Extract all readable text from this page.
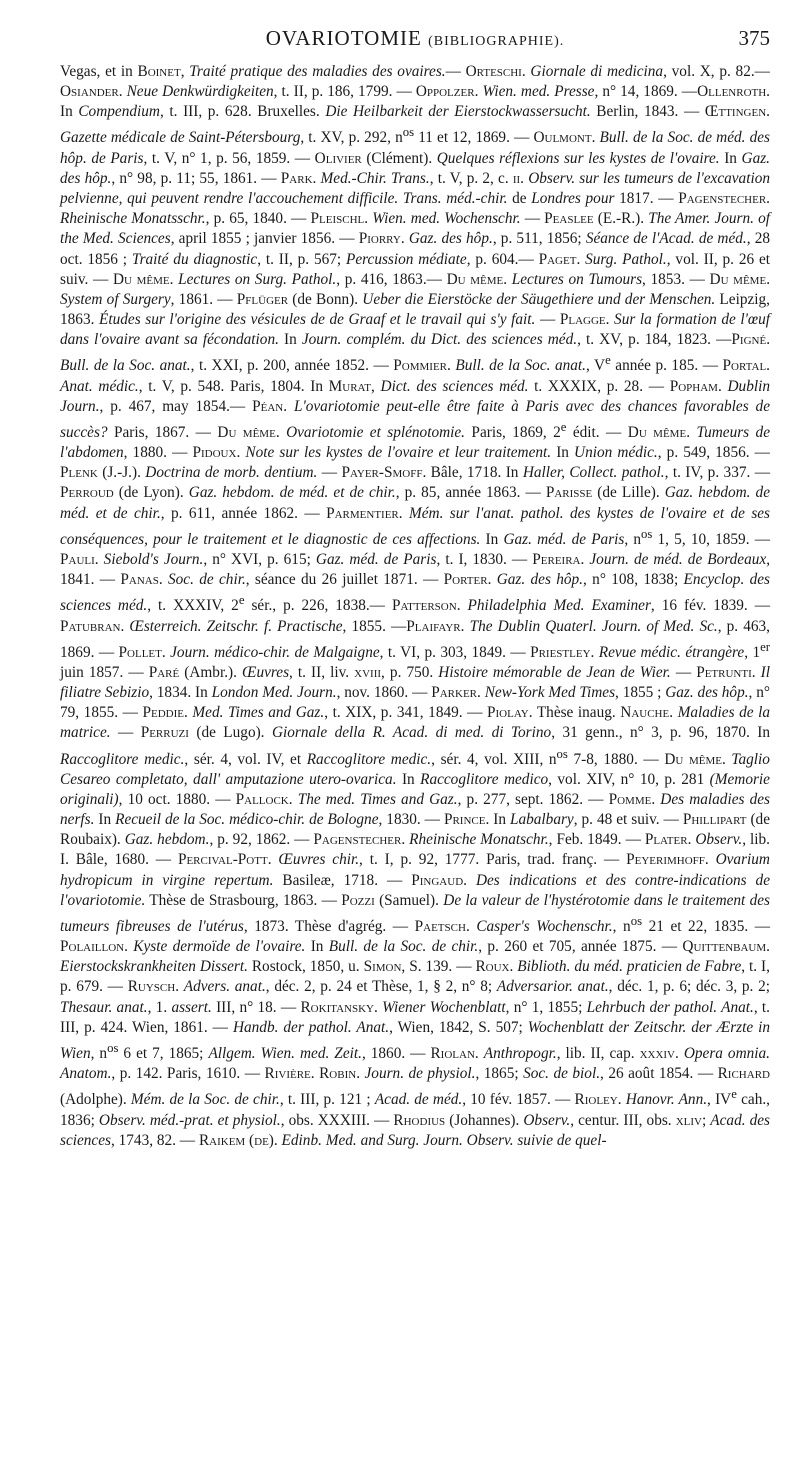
OVARIOTOMIE (BIBLIOGRAPHIE).	375
Vegas, et in Boinet, Traité pratique des maladies des ovaires.— Orteschi. Giornale di medicina, vol. X, p. 82.— Osiander. Neue Denkwürdigkeiten, t. II, p. 186, 1799. — Oppolzer. Wien. med. Presse, n° 14, 1869. —Ollenroth. In Compendium, t. III, p. 628. Bruxelles. Die Heilbarkeit der Eierstockwassersucht. Berlin, 1843. — Œttingen. Gazette médicale de Saint-Pétersbourg, t. XV, p. 292, $n^{os}$ 11 et 12, 1869. — Oulmont. Bull. de la Soc. de méd. des hôp. de Paris, t. V, n° 1, p. 56, 1859. — Olivier (Clément). Quelques réflexions sur les kystes de l'ovaire. In Gaz. des hôp., n° 98, p. 11; 55, 1861. — Park. Med.-Chir. Trans., t. V, p. 2, c. ii. Observ. sur les tumeurs de l'excavation pelvienne, qui peuvent rendre l'accouchement difficile. Trans. méd.-chir. de Londres pour 1817. — Pagenstecher. Rheinische Monatsschr., p. 65, 1840. — Pleischl. Wien. med. Wochenschr. — Peaslee (E.-R.). The Amer. Journ. of the Med. Sciences, april 1855 ; janvier 1856. — Piorry. Gaz. des hôp., p. 511, 1856; Séance de l'Acad. de méd., 28 oct. 1856 ; Traité du diagnostic, t. II, p. 567; Percussion médiate, p. 604.— Paget. Surg. Pathol., vol. II, p. 26 et suiv. — Du même. Lectures on Surg. Pathol., p. 416, 1863.— Du même. Lectures on Tumours, 1853. — Du même. System of Surgery, 1861. — Pflüger (de Bonn). Ueber die Eierstöcke der Säugethiere und der Menschen. Leipzig, 1863. Études sur l'origine des vésicules de de Graaf et le travail qui s'y fait. — Plagge. Sur la formation de l'œuf dans l'ovaire avant sa fécondation. In Journ. complém. du Dict. des sciences méd., t. XV, p. 184, 1823. —Pigné. Bull. de la Soc. anat., t. XXI, p. 200, année 1852. — Pommier. Bull. de la Soc. anat., Ve année p. 185. — Portal. Anat. médic., t. V, p. 548. Paris, 1804. In Murat, Dict. des sciences méd. t. XXXIX, p. 28. — Popham. Dublin Journ., p. 467, may 1854.— Péan. L'ovariotomie peut-elle être faite à Paris avec des chances favorables de succès? Paris, 1867. — Du même. Ovariotomie et splénotomie. Paris, 1869, 2e édit. — Du même. Tumeurs de l'abdomen, 1880. — Pidoux. Note sur les kystes de l'ovaire et leur traitement. In Union médic., p. 549, 1856. — Plenk (J.-J.). Doctrina de morb. dentium. — Payer-Smoff. Bâle, 1718. In Haller, Collect. pathol., t. IV, p. 337. — Perroud (de Lyon). Gaz. hebdom. de méd. et de chir., p. 85, année 1863. — Parisse (de Lille). Gaz. hebdom. de méd. et de chir., p. 611, année 1862. — Parmentier. Mém. sur l'anat. pathol. des kystes de l'ovaire et de ses conséquences, pour le traitement et le diagnostic de ces affections. In Gaz. méd. de Paris, $n^{os}$ 1, 5, 10, 1859. — Pauli. Siebold's Journ., n° XVI, p. 615; Gaz. méd. de Paris, t. I, 1830. — Pereira. Journ. de méd. de Bordeaux, 1841. — Panas. Soc. de chir., séance du 26 juillet 1871. — Porter. Gaz. des hôp., n° 108, 1838; Encyclop. des sciences méd., t. XXXIV, 2e sér., p. 226, 1838.— Patterson. Philadelphia Med. Examiner, 16 fév. 1839. — Patubran. Œsterreich. Zeitschr. f. Practische, 1855. —Plaifayr. The Dublin Quaterl. Journ. of Med. Sc., p. 463, 1869. — Pollet. Journ. médico-chir. de Malgaigne, t. VI, p. 303, 1849. — Priestley. Revue médic. étrangère, 1er juin 1857. — Paré (Ambr.). Œuvres, t. II, liv. xviii, p. 750. Histoire mémorable de Jean de Wier. — Petrunti. Il filiatre Sebizio, 1834. In London Med. Journ., nov. 1860. — Parker. New-York Med Times, 1855 ; Gaz. des hôp., n° 79, 1855. — Peddie. Med. Times and Gaz., t. XIX, p. 341, 1849. — Piolay. Thèse inaug. Nauche. Maladies de la matrice. — Perruzi (de Lugo). Giornale della R. Acad. di med. di Torino, 31 genn., n° 3, p. 96, 1870. In Raccoglitore medic., sér. 4, vol. IV, et Raccoglitore medic., sér. 4, vol. XIII, $n^{os}$ 7-8, 1880. — Du même. Taglio Cesareo completato, dall' amputazione utero-ovarica. In Raccoglitore medico, vol. XIV, n° 10, p. 281 (Memorie originali), 10 oct. 1880. — Pallock. The med. Times and Gaz., p. 277, sept. 1862. — Pomme. Des maladies des nerfs. In Recueil de la Soc. médico-chir. de Bologne, 1830. — Prince. In Labalbary, p. 48 et suiv. — Phillipart (de Roubaix). Gaz. hebdom., p. 92, 1862. — Pagenstecher. Rheinische Monatschr., Feb. 1849. — Plater. Observ., lib. I. Bâle, 1680. — Percival-Pott. Œuvres chir., t. I, p. 92, 1777. Paris, trad. franç. — Peyerimhoff. Ovarium hydropicum in virgine repertum. Basileæ, 1718. — Pingaud. Des indications et des contre-indications de l'ovariotomie. Thèse de Strasbourg, 1863. — Pozzi (Samuel). De la valeur de l'hystérotomie dans le traitement des tumeurs fibreuses de l'utérus, 1873. Thèse d'agrég. — Paetsch. Casper's Wochenschr., $n^{os}$ 21 et 22, 1835. — Polaillon. Kyste dermoïde de l'ovaire. In Bull. de la Soc. de chir., p. 260 et 705, année 1875. — Quittenbaum. Eierstockskrankheiten Dissert. Rostock, 1850, u. Simon, S. 139. — Roux. Biblioth. du méd. praticien de Fabre, t. I, p. 679. — Ruysch. Advers. anat., déc. 2, p. 24 et Thèse, 1, § 2, n° 8; Adversarior. anat., déc. 1, p. 6; déc. 3, p. 2; Thesaur. anat., 1. assert. III, n° 18. — Rokitansky. Wiener Wochenblatt, n° 1, 1855; Lehrbuch der pathol. Anat., t. III, p. 424. Wien, 1861. — Handb. der pathol. Anat., Wien, 1842, S. 507; Wochenblatt der Zeitschr. der Ærzte in Wien, $n^{os}$ 6 et 7, 1865; Allgem. Wien. med. Zeit., 1860. — Riolan. Anthropogr., lib. II, cap. xxxiv. Opera omnia. Anatom., p. 142. Paris, 1610. — Rivière. Robin. Journ. de physiol., 1865; Soc. de biol., 26 août 1854. — Richard (Adolphe). Mém. de la Soc. de chir., t. III, p. 121 ; Acad. de méd., 10 fév. 1857. — Rioley. Hanovr. Ann., IVe cah., 1836; Observ. méd.-prat. et physiol., obs. XXXIII. — Rhodius (Johannes). Observ., centur. III, obs. xliv; Acad. des sciences, 1743, 82. — Raikem (de). Edinb. Med. and Surg. Journ. Observ. suivie de quel-
